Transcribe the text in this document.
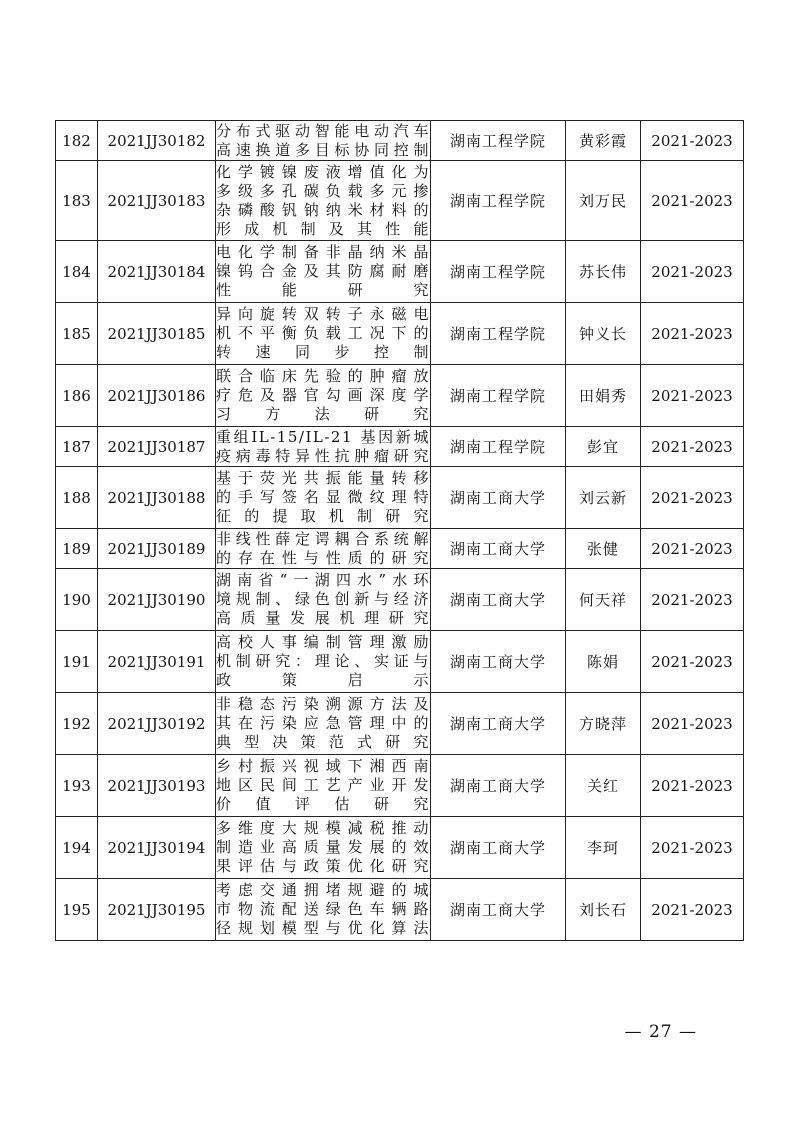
182	2021JJ30182	分布式驱动智能电动汽车
高速换道多目标协同控制	湖南工程学院	黄彩霞	2021-2023
183	2021JJ30183	化学镀镍废液增值化为
多级多孔碳负载多元掺
杂磷酸钒钠纳米材料的
形成机制及其性能	湖南工程学院	刘万民	2021-2023
184	2021JJ30184	电化学制备非晶纳米晶
镍钨合金及其防腐耐磨
性能研究	湖南工程学院	苏长伟	2021-2023
185	2021JJ30185	异向旋转双转子永磁电
机不平衡负载工况下的
转速同步控制	湖南工程学院	钟义长	2021-2023
186	2021JJ30186	联合临床先验的肿瘤放
疗危及器官勾画深度学
习方法研究	湖南工程学院	田娟秀	2021-2023
187	2021JJ30187	重组IL-15/IL-21 基因新城
疫病毒特异性抗肿瘤研究	湖南工程学院	彭宜	2021-2023
188	2021JJ30188	基于荧光共振能量转移
的手写签名显微纹理特
征的提取机制研究	湖南工商大学	刘云新	2021-2023
189	2021JJ30189	非线性薛定谔耦合系统解
的存在性与性质的研究	湖南工商大学	张健	2021-2023
190	2021JJ30190	湖南省“一湖四水”水环
境规制、绿色创新与经济
高质量发展机理研究	湖南工商大学	何天祥	2021-2023
191	2021JJ30191	高校人事编制管理激励
机制研究：理论、实证与
政策启示	湖南工商大学	陈娟	2021-2023
192	2021JJ30192	非稳态污染溯源方法及
其在污染应急管理中的
典型决策范式研究	湖南工商大学	方晓萍	2021-2023
193	2021JJ30193	乡村振兴视域下湘西南
地区民间工艺产业开发
价值评估研究	湖南工商大学	关红	2021-2023
194	2021JJ30194	多维度大规模减税推动
制造业高质量发展的效
果评估与政策优化研究	湖南工商大学	李珂	2021-2023
195	2021JJ30195	考虑交通拥堵规避的城
市物流配送绿色车辆路
径规划模型与优化算法	湖南工商大学	刘长石	2021-2023
— 27 —
